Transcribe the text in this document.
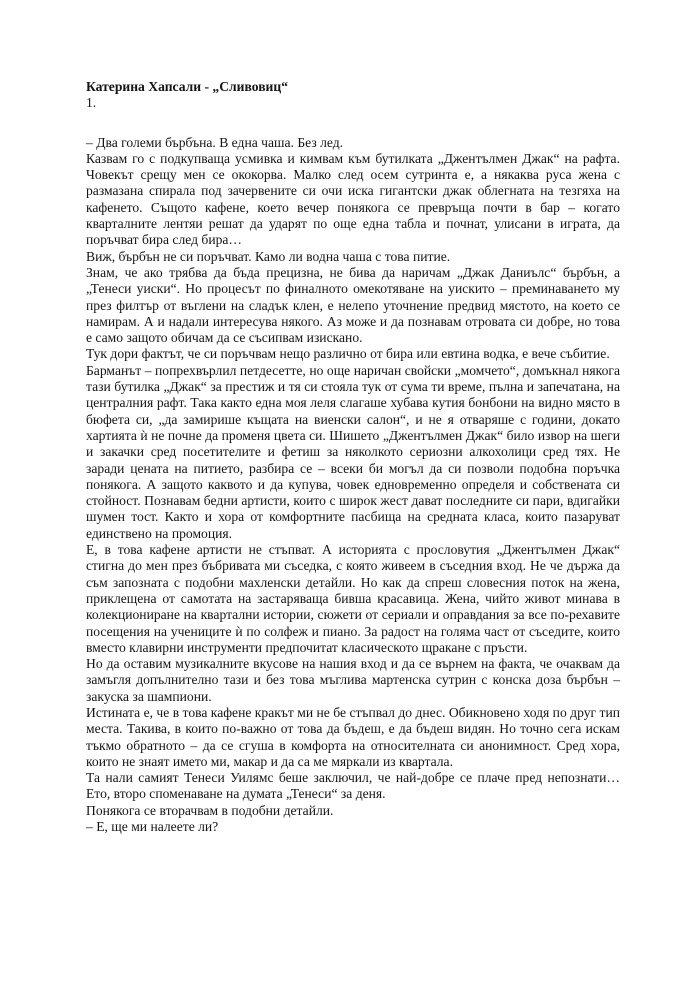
Катерина Хапсали - „Сливовиц“

1.

– Два големи бърбъна. В една чаша. Без лед.

Казвам го с подкупваща усмивка и кимвам към бутилката „Джентълмен Джак“ на рафта. Човекът срещу мен се ококорва. Малко след осем сутринта е, а някаква руса жена с размазана спирала под зачервените си очи иска гигантски джак облегната на тезгяха на кафенето. Същото кафене, което вечер понякога се превръща почти в бар – когато кварталните лентяи решат да ударят по още една табла и почнат, улисани в играта, да поръчват бира след бира…

Виж, бърбън не си поръчват. Камо ли водна чаша с това питие.

Знам, че ако трябва да бъда прецизна, не бива да наричам „Джак Даниълс“ бърбън, а „Тенеси уиски“. Но процесът по финалното омекотяване на уискито – преминаването му през филтър от въглени на сладък клен, е нелепо уточнение предвид мястото, на което се намирам. А и надали интересува някого. Аз може и да познавам отровата си добре, но това е само защото обичам да се съсипвам изискано.

Тук дори фактът, че си поръчвам нещо различно от бира или евтина водка, е вече събитие.

Барманът – попрехвърлил петдесетте, но още наричан свойски „момчето“, домъкнал някога тази бутилка „Джак“ за престиж и тя си стояла тук от сума ти време, пълна и запечатана, на централния рафт. Така както една моя леля слагаше хубава кутия бонбони на видно място в бюфета си, „да замирише къщата на виенски салон“, и не я отваряше с години, докато хартията ѝ не почне да променя цвета си. Шишето „Джентълмен Джак“ било извор на шеги и закачки сред посетителите и фетиш за няколкото сериозни алкохолици сред тях. Не заради цената на питието, разбира се – всеки би могъл да си позволи подобна поръчка понякога. А защото каквото и да купува, човек едновременно определя и собствената си стойност. Познавам бедни артисти, които с широк жест дават последните си пари, вдигайки шумен тост. Както и хора от комфортните пасбища на средната класа, които пазаруват единствено на промоция.

Е, в това кафене артисти не стъпват. А историята с прословутия „Джентълмен Джак“ стигна до мен през бъбривата ми съседка, с която живеем в съседния вход. Не че държа да съм запозната с подобни махленски детайли. Но как да спреш словесния поток на жена, приклещена от самотата на застаряваща бивша красавица. Жена, чийто живот минава в колекциониране на квартални истории, сюжети от сериали и оправдания за все по-рехавите посещения на учениците ѝ по солфеж и пиано. За радост на голяма част от съседите, които вместо клавирни инструменти предпочитат класическото щракане с пръсти.

Но да оставим музикалните вкусове на нашия вход и да се върнем на факта, че очаквам да замъгля допълнително тази и без това мъглива мартенска сутрин с конска доза бърбън – закуска за шампиони.

Истината е, че в това кафене кракът ми не бе стъпвал до днес. Обикновено ходя по друг тип места. Такива, в които по-важно от това да бъдеш, е да бъдеш видян. Но точно сега искам тъкмо обратното – да се сгуша в комфорта на относителната си анонимност. Сред хора, които не знаят името ми, макар и да са ме мяркали из квартала.

Та нали самият Тенеси Уилямс беше заключил, че най-добре се плаче пред непознати… Ето, второ споменаване на думата „Тенеси“ за деня.

Понякога се вторачвам в подобни детайли.

– Е, ще ми налеете ли?
